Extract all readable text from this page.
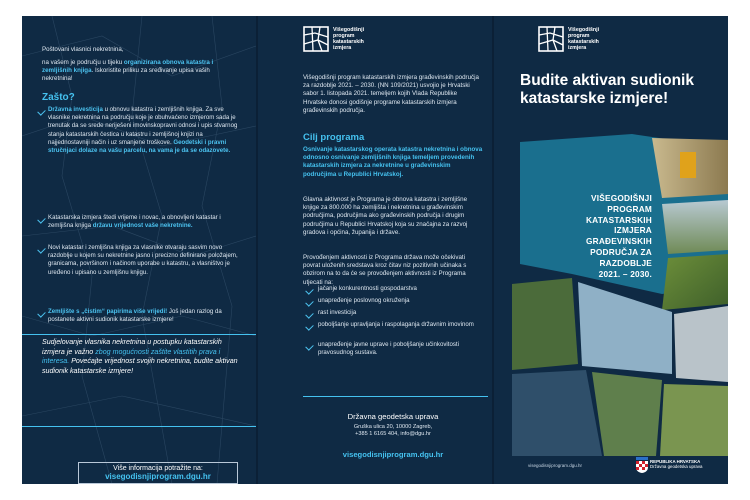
Poštovani vlasnici nekretnina,
na vašem je području u tijeku organizirana obnova katastra i zemljišnih knjiga. Iskoristite priliku za sređivanje upisa vaših nekretnina!
Zašto?
Državna investicija u obnovu katastra i zemljišnih knjiga. Za sve vlasnike nekretnina na području koje je obuhvaćeno izmjerom sada je trenutak da se srede neriješeni imovinskopravni odnosi i upis stvarnog stanja katastarskih čestica u katastru i zemljišnoj knjizi na najjednostavniji način i uz smanjene troškove. Geodetski i pravni stručnjaci dolaze na vašu parcelu, na vama je da se odazovete.
Katastarska izmjera štedi vrijeme i novac, a obnovljeni katastar i zemljišna knjiga državu vrijednost vaše nekretnine.
Novi katastar i zemljišna knjiga za vlasnike otvaraju sasvim novo razdoblje u kojem su nekretnine jasno i precizno definirane položajem, granicama, površinom i načinom uporabe u katastru, a vlasništvo je uređeno i upisano u zemljišnu knjigu.
Zemljište s „čistim“ papirima više vrijedi! Još jedan razlog da postanete aktivni sudionik katastarske izmjere!
Sudjelovanje vlasnika nekretnina u postupku katastarskih izmjera je važno zbog mogućnosti zaštite vlastitih prava i interesa. Povećajte vrijednost svojih nekretnina, budite aktivan sudionik katastarske izmjere!
Više informacija potražite na:
visegodisnjiprogram.dgu.hr
Višegodišnji
program
katastarskih
izmjera
Višegodišnji program katastarskih izmjera građevinskih područja za razdoblje 2021. – 2030. (NN 109/2021) usvojio je Hrvatski sabor 1. listopada 2021. temeljem kojih Vlada Republike Hrvatske donosi godišnje programe katastarskih izmjera građevinskih područja.
Cilj programa
Osnivanje katastarskog operata katastra nekretnina i obnova odnosno osnivanje zemljišnih knjiga temeljem provedenih katastarskih izmjera za nekretnine u građevinskim područjima u Republici Hrvatskoj.
Glavna aktivnost je Programa je obnova katastra i zemljišne knjige za 800.000 ha zemljišta i nekretnina u građevinskim područjima, područjima ako građevinskih područja i drugim područjima u Republici Hrvatskoj koja su značajna za razvoj gradova i općina, županija i države.
Provođenjem aktivnosti iz Programa država može očekivati povrat uloženih sredstava kroz čitav niz pozitivnih učinaka s obzirom na to da će se provođenjem aktivnosti iz Programa utjecati na:
jačanje konkurentnosti gospodarstva
unapređenje poslovnog okruženja
rast investicija
poboljšanje upravljanja i raspolaganja državnim imovinom
unapređenje javne uprave i poboljšanje učinkovitosti pravosudnog sustava.
Državna geodetska uprava
Gruška ulica 20, 10000 Zagreb,
+385 1 6165 404, info@dgu.hr
visegodisnjiprogram.dgu.hr
Višegodišnji
program
katastarskih
izmjera
Budite aktivan sudionik katastarske izmjere!
VIŠEGODIŠNJI
PROGRAM
KATASTARSKIH
IZMJERA
GRAĐEVINSKIH
PODRUČJA ZA
RAZDOBLJE
2021. – 2030.
visegodisnjiprogram.dgu.hr
REPUBLIKA HRVATSKA
Državna geodetska uprava
